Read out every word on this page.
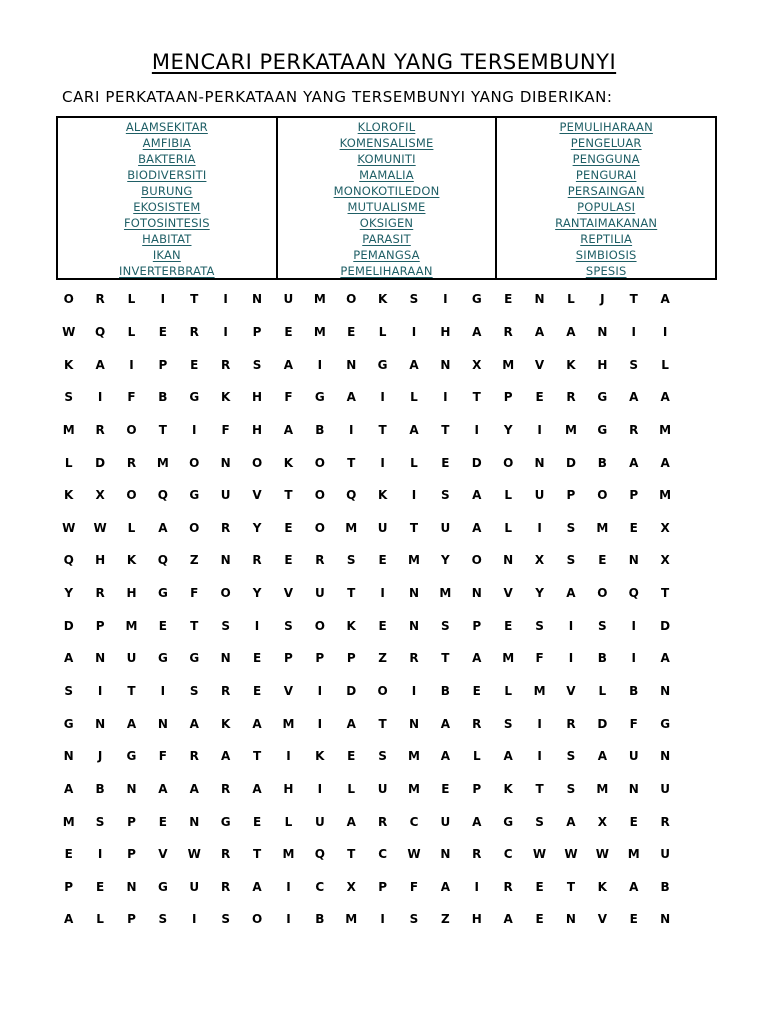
MENCARI PERKATAAN YANG TERSEMBUNYI
CARI PERKATAAN-PERKATAAN YANG TERSEMBUNYI YANG DIBERIKAN:
ALAMSEKITAR
AMFIBIA
BAKTERIA
BIODIVERSITI
BURUNG
EKOSISTEM
FOTOSINTESIS
HABITAT
IKAN
INVERTERBRATA
KLOROFIL
KOMENSALISME
KOMUNITI
MAMALIA
MONOKOTILEDON
MUTUALISME
OKSIGEN
PARASIT
PEMANGSA
PEMELIHARAAN
PEMULIHARAAN
PENGELUAR
PENGGUNA
PENGURAI
PERSAINGAN
POPULASI
RANTAIMAKANAN
REPTILIA
SIMBIOSIS
SPESIS
O	R	L	I	T	I	N	U	M	O	K	S	I	G	E	N	L	J	T	A
W	Q	L	E	R	I	P	E	M	E	L	I	H	A	R	A	A	N	I	I
K	A	I	P	E	R	S	A	I	N	G	A	N	X	M	V	K	H	S	L
S	I	F	B	G	K	H	F	G	A	I	L	I	T	P	E	R	G	A	A
M	R	O	T	I	F	H	A	B	I	T	A	T	I	Y	I	M	G	R	M
L	D	R	M	O	N	O	K	O	T	I	L	E	D	O	N	D	B	A	A
K	X	O	Q	G	U	V	T	O	Q	K	I	S	A	L	U	P	O	P	M
W	W	L	A	O	R	Y	E	O	M	U	T	U	A	L	I	S	M	E	X
Q	H	K	Q	Z	N	R	E	R	S	E	M	Y	O	N	X	S	E	N	X
Y	R	H	G	F	O	Y	V	U	T	I	N	M	N	V	Y	A	O	Q	T
D	P	M	E	T	S	I	S	O	K	E	N	S	P	E	S	I	S	I	D
A	N	U	G	G	N	E	P	P	P	Z	R	T	A	M	F	I	B	I	A
S	I	T	I	S	R	E	V	I	D	O	I	B	E	L	M	V	L	B	N
G	N	A	N	A	K	A	M	I	A	T	N	A	R	S	I	R	D	F	G
N	J	G	F	R	A	T	I	K	E	S	M	A	L	A	I	S	A	U	N
A	B	N	A	A	R	A	H	I	L	U	M	E	P	K	T	S	M	N	U
M	S	P	E	N	G	E	L	U	A	R	C	U	A	G	S	A	X	E	R
E	I	P	V	W	R	T	M	Q	T	C	W	N	R	C	W	W	W	M	U
P	E	N	G	U	R	A	I	C	X	P	F	A	I	R	E	T	K	A	B
A	L	P	S	I	S	O	I	B	M	I	S	Z	H	A	E	N	V	E	N
